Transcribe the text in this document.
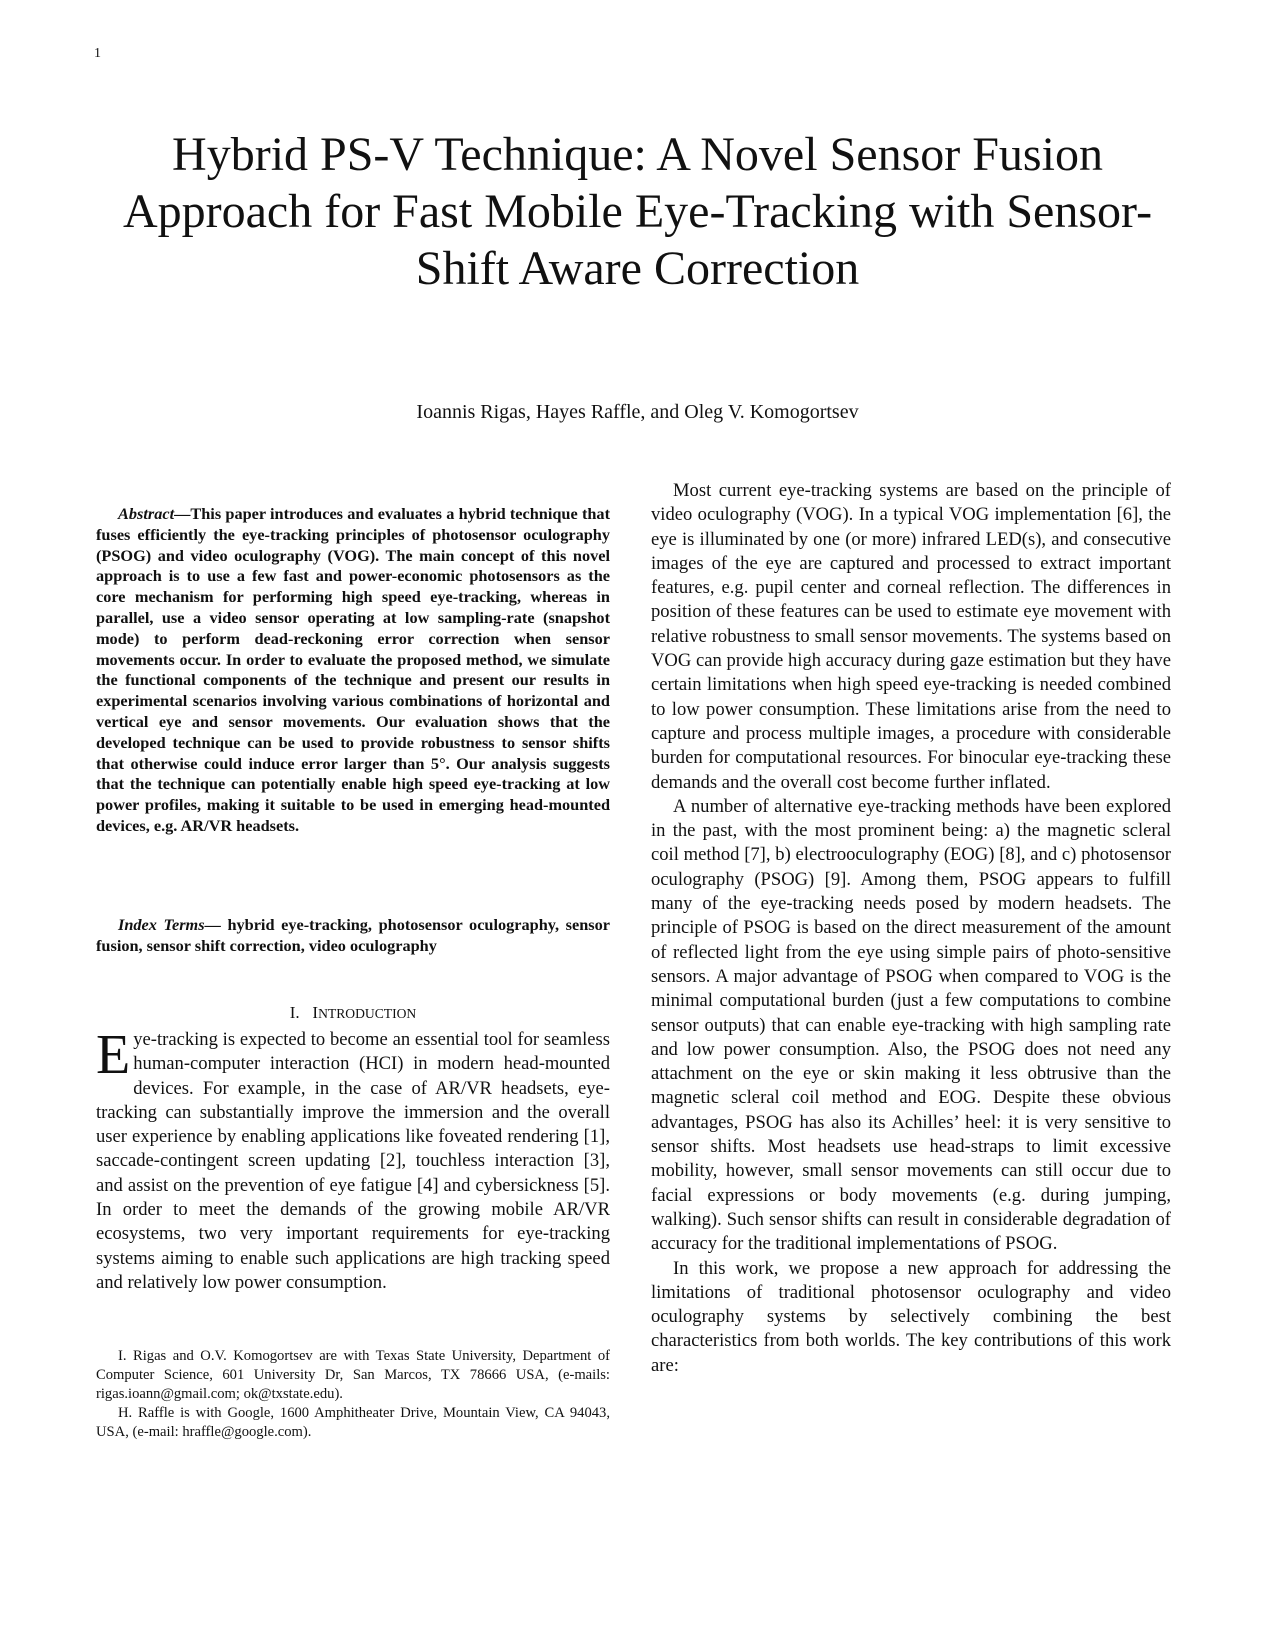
1
Hybrid PS-V Technique: A Novel Sensor Fusion Approach for Fast Mobile Eye-Tracking with Sensor-Shift Aware Correction
Ioannis Rigas, Hayes Raffle, and Oleg V. Komogortsev

Abstract—This paper introduces and evaluates a hybrid technique that fuses efficiently the eye-tracking principles of photosensor oculography (PSOG) and video oculography (VOG). The main concept of this novel approach is to use a few fast and power-economic photosensors as the core mechanism for performing high speed eye-tracking, whereas in parallel, use a video sensor operating at low sampling-rate (snapshot mode) to perform dead-reckoning error correction when sensor movements occur. In order to evaluate the proposed method, we simulate the functional components of the technique and present our results in experimental scenarios involving various combinations of horizontal and vertical eye and sensor movements. Our evaluation shows that the developed technique can be used to provide robustness to sensor shifts that otherwise could induce error larger than 5°. Our analysis suggests that the technique can potentially enable high speed eye-tracking at low power profiles, making it suitable to be used in emerging head-mounted devices, e.g. AR/VR headsets.

Index Terms— hybrid eye-tracking, photosensor oculography, sensor fusion, sensor shift correction, video oculography

I. INTRODUCTION

Eye-tracking is expected to become an essential tool for seamless human-computer interaction (HCI) in modern head-mounted devices. For example, in the case of AR/VR headsets, eye-tracking can substantially improve the immersion and the overall user experience by enabling applications like foveated rendering [1], saccade-contingent screen updating [2], touchless interaction [3], and assist on the prevention of eye fatigue [4] and cybersickness [5]. In order to meet the demands of the growing mobile AR/VR ecosystems, two very important requirements for eye-tracking systems aiming to enable such applications are high tracking speed and relatively low power consumption.

I. Rigas and O.V. Komogortsev are with Texas State University, Department of Computer Science, 601 University Dr, San Marcos, TX 78666 USA, (e-mails: rigas.ioann@gmail.com; ok@txstate.edu).

H. Raffle is with Google, 1600 Amphitheater Drive, Mountain View, CA 94043, USA, (e-mail: hraffle@google.com).

Most current eye-tracking systems are based on the principle of video oculography (VOG). In a typical VOG implementation [6], the eye is illuminated by one (or more) infrared LED(s), and consecutive images of the eye are captured and processed to extract important features, e.g. pupil center and corneal reflection. The differences in position of these features can be used to estimate eye movement with relative robustness to small sensor movements. The systems based on VOG can provide high accuracy during gaze estimation but they have certain limitations when high speed eye-tracking is needed combined to low power consumption. These limitations arise from the need to capture and process multiple images, a procedure with considerable burden for computational resources. For binocular eye-tracking these demands and the overall cost become further inflated.

A number of alternative eye-tracking methods have been explored in the past, with the most prominent being: a) the magnetic scleral coil method [7], b) electrooculography (EOG) [8], and c) photosensor oculography (PSOG) [9]. Among them, PSOG appears to fulfill many of the eye-tracking needs posed by modern headsets. The principle of PSOG is based on the direct measurement of the amount of reflected light from the eye using simple pairs of photo-sensitive sensors. A major advantage of PSOG when compared to VOG is the minimal computational burden (just a few computations to combine sensor outputs) that can enable eye-tracking with high sampling rate and low power consumption. Also, the PSOG does not need any attachment on the eye or skin making it less obtrusive than the magnetic scleral coil method and EOG. Despite these obvious advantages, PSOG has also its Achilles’ heel: it is very sensitive to sensor shifts. Most headsets use head-straps to limit excessive mobility, however, small sensor movements can still occur due to facial expressions or body movements (e.g. during jumping, walking). Such sensor shifts can result in considerable degradation of accuracy for the traditional implementations of PSOG.

In this work, we propose a new approach for addressing the limitations of traditional photosensor oculography and video oculography systems by selectively combining the best characteristics from both worlds. The key contributions of this work are:
